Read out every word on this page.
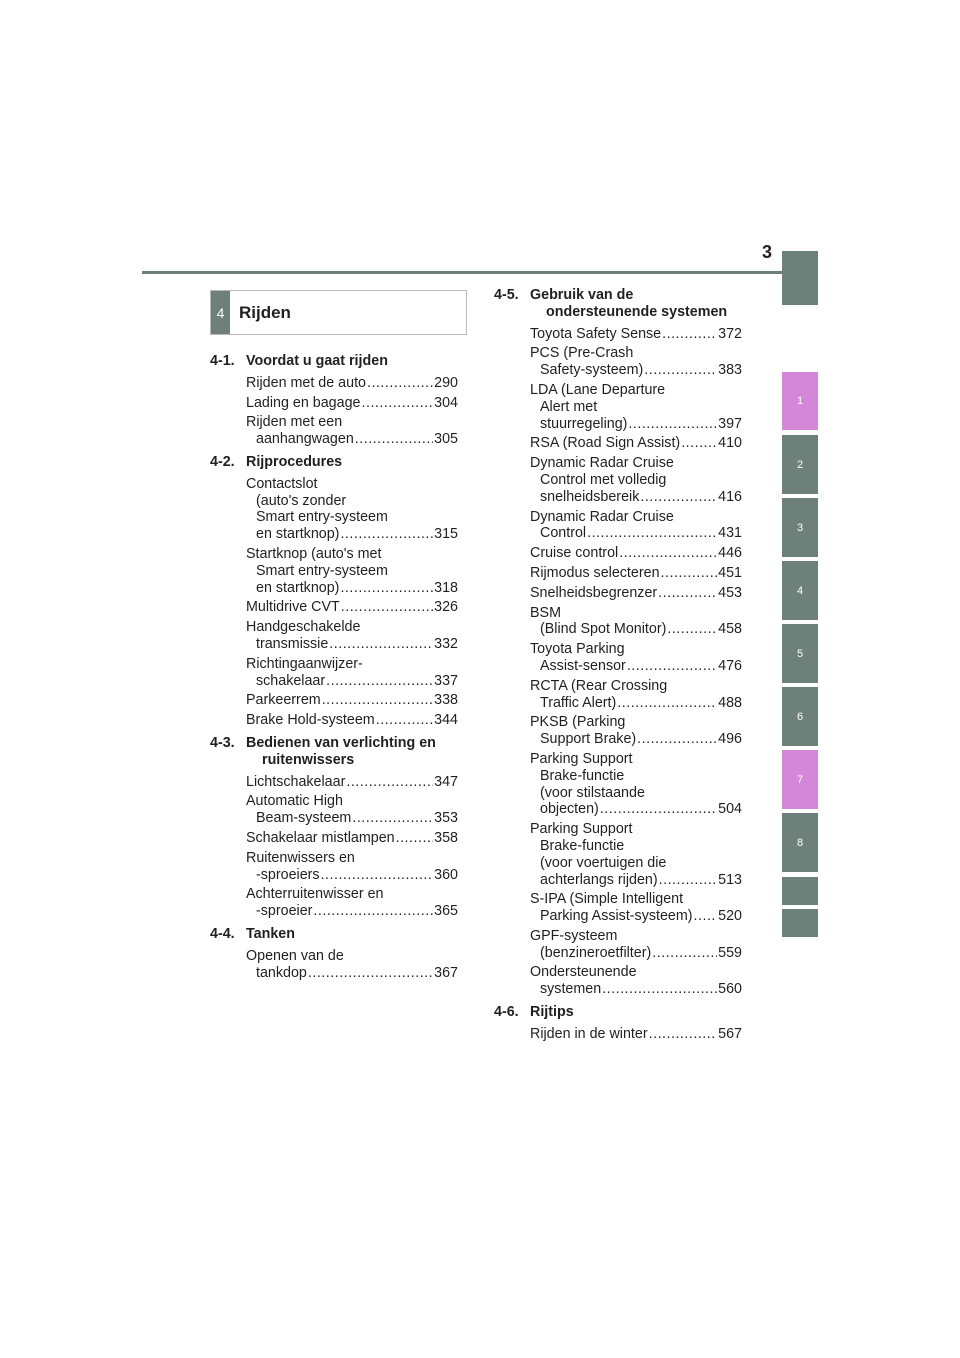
3
1
2
3
4
5
6
7
8
4 Rijden
4-1. Voordat u gaat rijden
Rijden met de auto .....	290
Lading en bagage .....	304
Rijden met een
aanhangwagen .....	305
4-2. Rijprocedures
Contactslot
(auto's zonder
Smart entry-systeem
en startknop) .....	315
Startknop (auto's met
Smart entry-systeem
en startknop) .....	318
Multidrive CVT .....	326
Handgeschakelde
transmissie .....	332
Richtingaanwijzer-
schakelaar .....	337
Parkeerrem .....	338
Brake Hold-systeem .....	344
4-3. Bedienen van verlichting en ruitenwissers
Lichtschakelaar .....	347
Automatic High
Beam-systeem .....	353
Schakelaar mistlampen .....	358
Ruitenwissers en
-sproeiers .....	360
Achterruitenwisser en
-sproeier .....	365
4-4. Tanken
Openen van de
tankdop .....	367
4-5. Gebruik van de ondersteunende systemen
Toyota Safety Sense .....	372
PCS (Pre-Crash
Safety-systeem) .....	383
LDA (Lane Departure
Alert met
stuurregeling) .....	397
RSA (Road Sign Assist) .....	410
Dynamic Radar Cruise
Control met volledig
snelheidsbereik .....	416
Dynamic Radar Cruise
Control .....	431
Cruise control .....	446
Rijmodus selecteren .....	451
Snelheidsbegrenzer .....	453
BSM
(Blind Spot Monitor) .....	458
Toyota Parking
Assist-sensor .....	476
RCTA (Rear Crossing
Traffic Alert) .....	488
PKSB (Parking
Support Brake) .....	496
Parking Support
Brake-functie
(voor stilstaande
objecten) .....	504
Parking Support
Brake-functie
(voor voertuigen die
achterlangs rijden) .....	513
S-IPA (Simple Intelligent
Parking Assist-systeem) ..... 520
GPF-systeem
(benzineroetfilter) .....	559
Ondersteunende
systemen .....	560
4-6. Rijtips
Rijden in de winter .....	567
